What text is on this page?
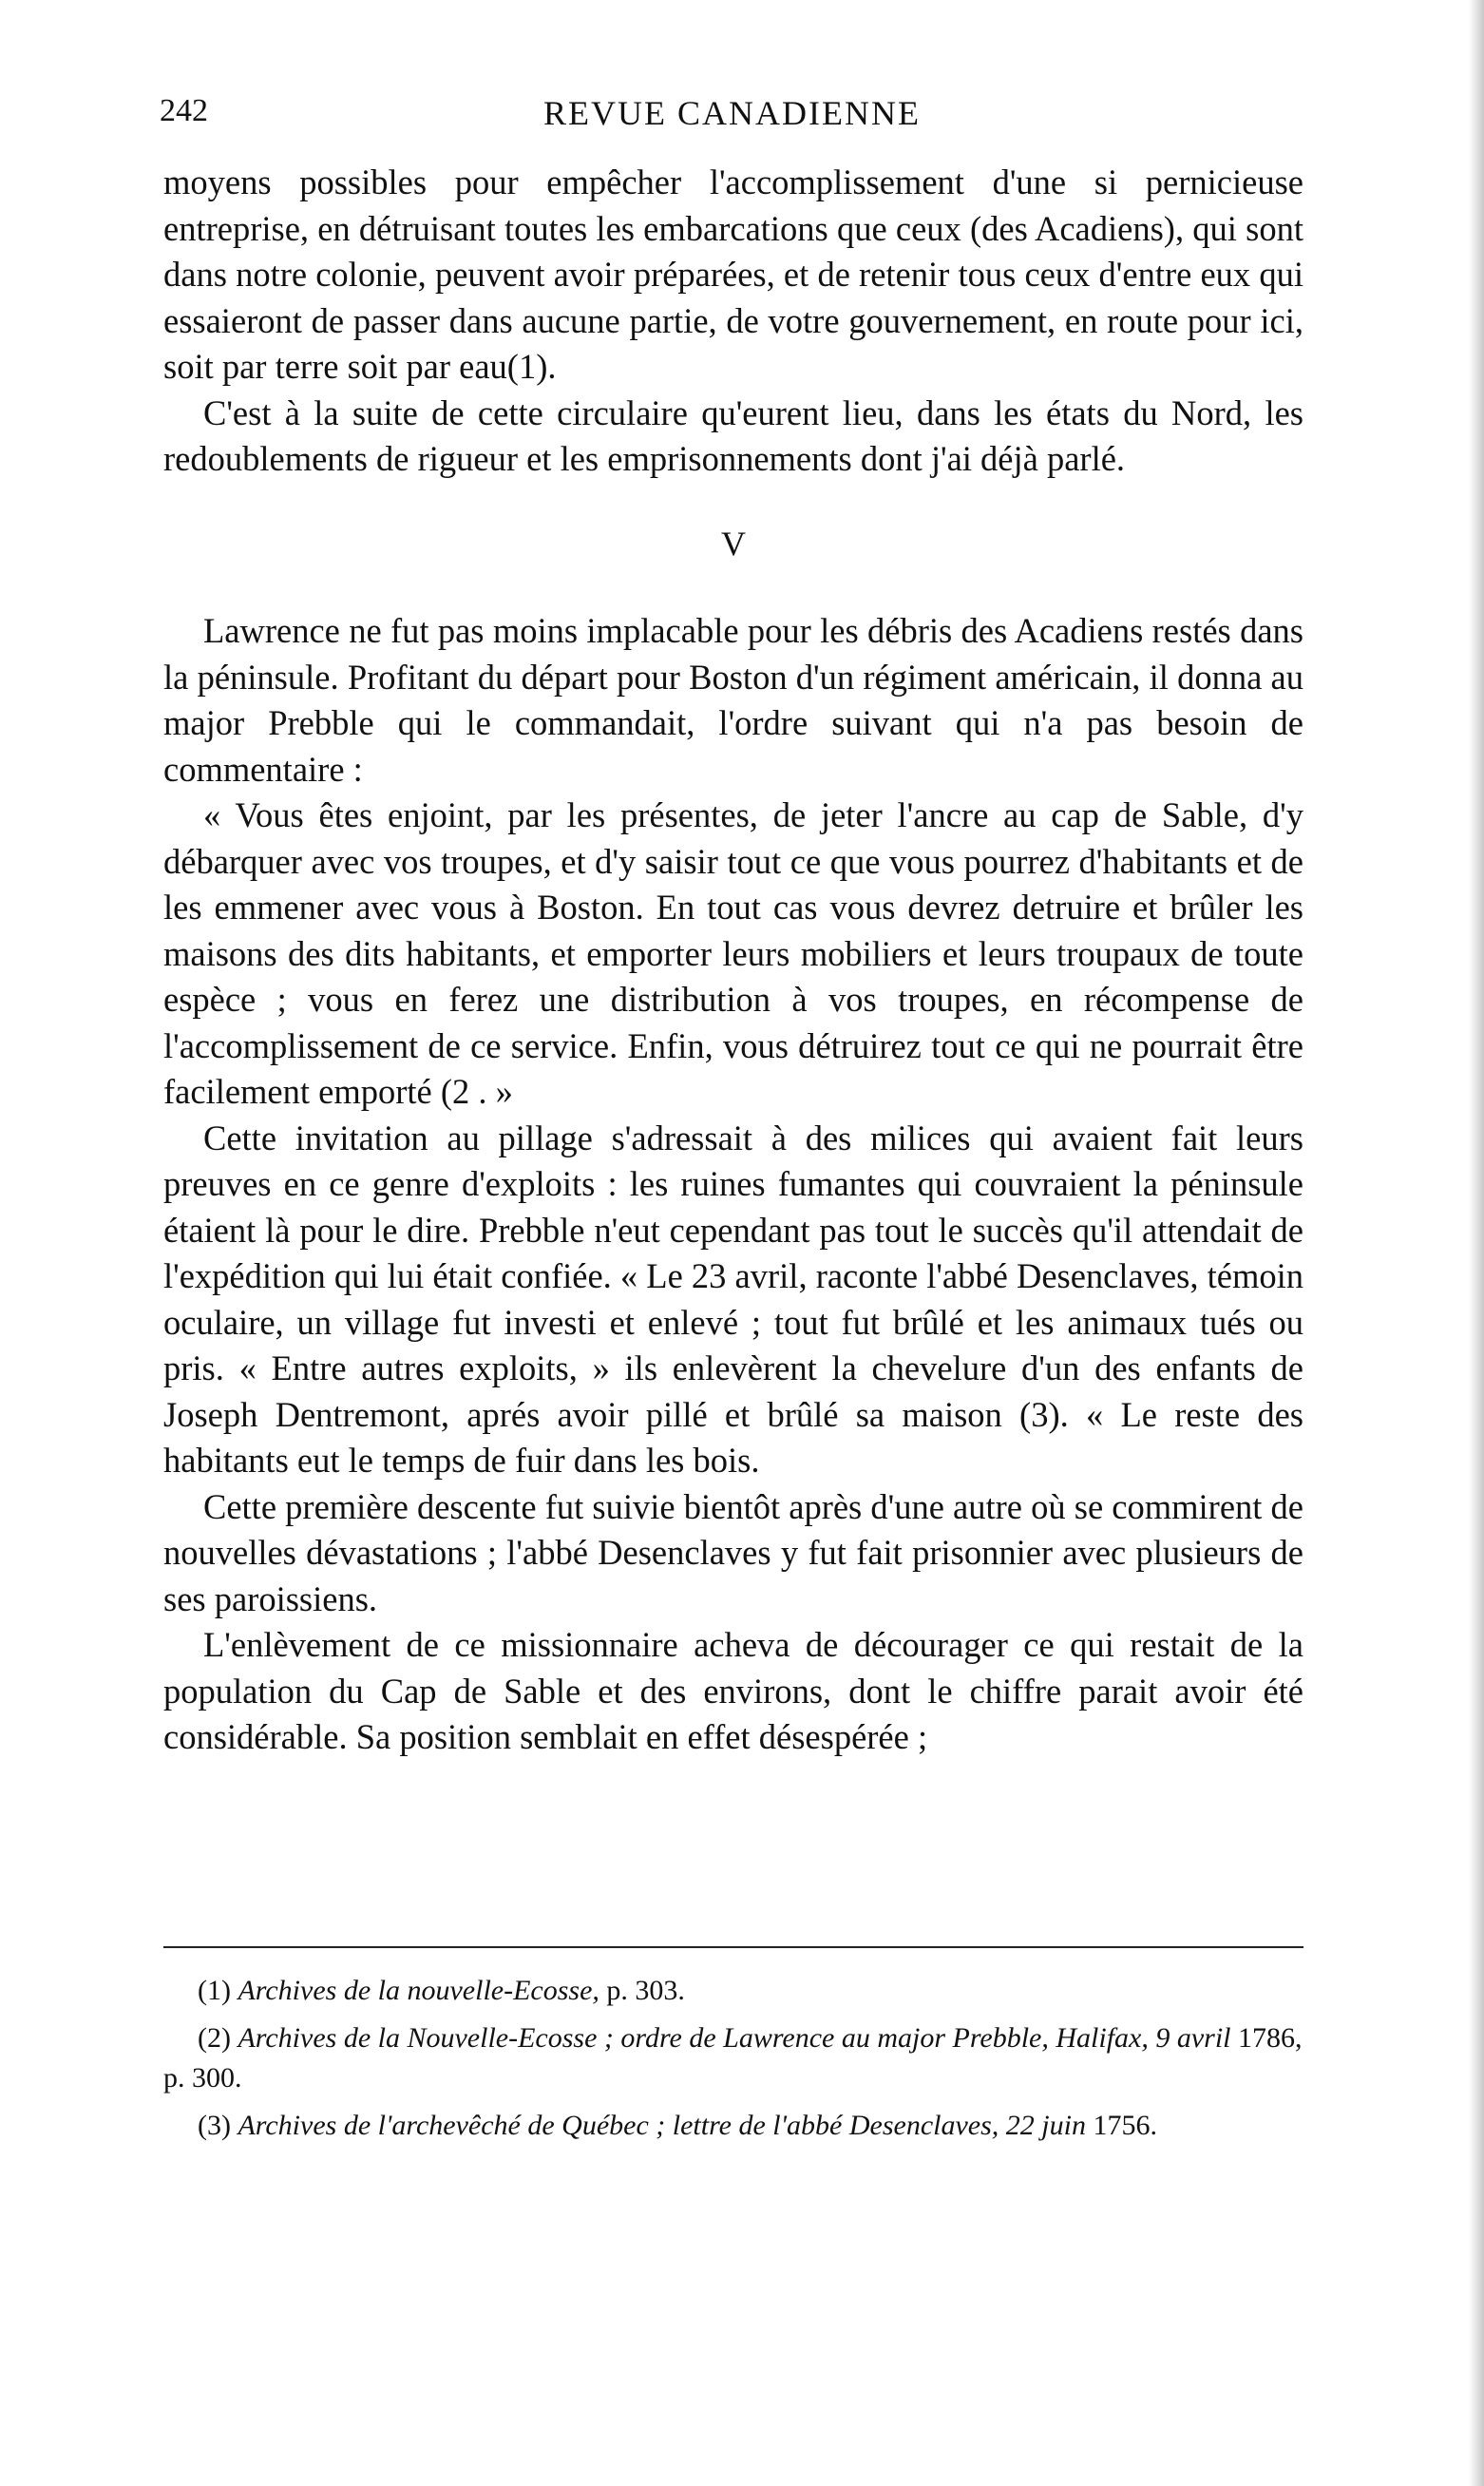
242	REVUE CANADIENNE

moyens possibles pour empêcher l'accomplissement d'une si pernicieuse entreprise, en détruisant toutes les embarcations que ceux (des Acadiens), qui sont dans notre colonie, peuvent avoir préparées, et de retenir tous ceux d'entre eux qui essaieront de passer dans aucune partie, de votre gouvernement, en route pour ici, soit par terre soit par eau(1).

C'est à la suite de cette circulaire qu'eurent lieu, dans les états du Nord, les redoublements de rigueur et les emprisonnements dont j'ai déjà parlé.

V

Lawrence ne fut pas moins implacable pour les débris des Acadiens restés dans la péninsule. Profitant du départ pour Boston d'un régiment américain, il donna au major Prebble qui le commandait, l'ordre suivant qui n'a pas besoin de commentaire :

« Vous êtes enjoint, par les présentes, de jeter l'ancre au cap de Sable, d'y débarquer avec vos troupes, et d'y saisir tout ce que vous pourrez d'habitants et de les emmener avec vous à Boston. En tout cas vous devrez detruire et brûler les maisons des dits habitants, et emporter leurs mobiliers et leurs troupaux de toute espèce ; vous en ferez une distribution à vos troupes, en récompense de l'accomplissement de ce service. Enfin, vous détruirez tout ce qui ne pourrait être facilement emporté (2 . »

Cette invitation au pillage s'adressait à des milices qui avaient fait leurs preuves en ce genre d'exploits : les ruines fumantes qui couvraient la péninsule étaient là pour le dire. Prebble n'eut cependant pas tout le succès qu'il attendait de l'expédition qui lui était confiée. « Le 23 avril, raconte l'abbé Desenclaves, témoin oculaire, un village fut investi et enlevé ; tout fut brûlé et les animaux tués ou pris. « Entre autres exploits, » ils enlevèrent la chevelure d'un des enfants de Joseph Dentremont, aprés avoir pillé et brûlé sa maison (3). « Le reste des habitants eut le temps de fuir dans les bois.

Cette première descente fut suivie bientôt après d'une autre où se commirent de nouvelles dévastations ; l'abbé Desenclaves y fut fait prisonnier avec plusieurs de ses paroissiens.

L'enlèvement de ce missionnaire acheva de décourager ce qui restait de la population du Cap de Sable et des environs, dont le chiffre parait avoir été considérable. Sa position semblait en effet désespérée ;

(1) Archives de la nouvelle-Ecosse, p. 303.

(2) Archives de la Nouvelle-Ecosse ; ordre de Lawrence au major Prebble, Halifax, 9 avril 1786, p. 300.

(3) Archives de l'archevêché de Québec ; lettre de l'abbé Desenclaves, 22 juin 1756.
